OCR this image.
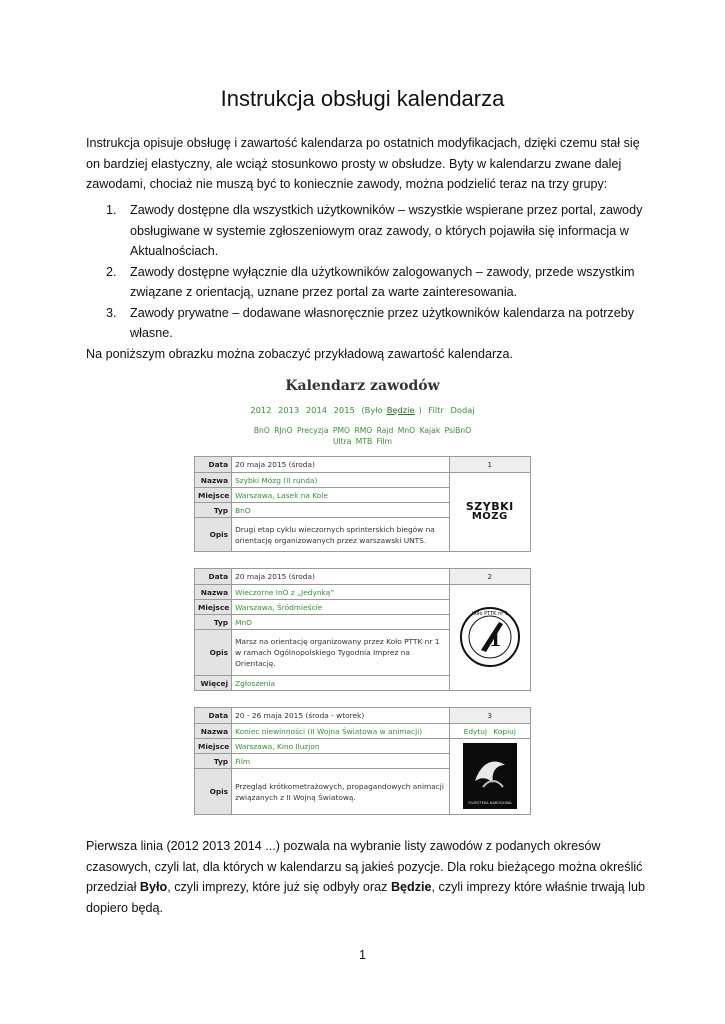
Instrukcja obsługi kalendarza

Instrukcja opisuje obsługę i zawartość kalendarza po ostatnich modyfikacjach, dzięki czemu stał się on bardziej elastyczny, ale wciąż stosunkowo prosty w obsłudze. Byty w kalendarzu zwane dalej zawodami, chociaż nie muszą być to koniecznie zawody, można podzielić teraz na trzy grupy:

1. Zawody dostępne dla wszystkich użytkowników – wszystkie wspierane przez portal, zawody obsługiwane w systemie zgłoszeniowym oraz zawody, o których pojawiła się informacja w Aktualnościach.
2. Zawody dostępne wyłącznie dla użytkowników zalogowanych – zawody, przede wszystkim związane z orientacją, uznane przez portal za warte zainteresowania.
3. Zawody prywatne – dodawane własnoręcznie przez użytkowników kalendarza na potrzeby własne.

Na poniższym obrazku można zobaczyć przykładową zawartość kalendarza.

Kalendarz zawodów
2012 2013 2014 2015 (Było Będzie ) Filtr Dodaj
BnO RJnO Precyzja PMO RMO Rajd MnO Kajak PsiBnO
Ultra MTB Film
Data	20 maja 2015 (środa)	1
Nazwa	Szybki Mózg (II runda)	SZYBKI
MÓZG

Miejsce	Warszawa, Lasek na Kole	
Typ	BnO	
Opis	Drugi etap cyklu wieczornych sprinterskich biegów na orientację organizowanych przez warszawski UNTS.	
Data	20 maja 2015 (środa)	2
Nazwa	Wieczorne InO z „Jedynką”	1
Koło PTTK nr 1

Miejsce	Warszawa, Śródmieście	
Typ	MnO	
Opis	Marsz na orientację organizowany przez Koło PTTK nr 1 w ramach Ogólnopolskiego Tygodnia Imprez na Orientację.	
Więcej	Zgłoszenia	
Data	20 - 26 maja 2015 (środa - wtorek)	3
Nazwa	Koniec niewinności (II Wojna Światowa w animacji)	Edytuj Kopiuj
Miejsce	Warszawa, Kino Iluzjon	FILMOTEKA NARODOWA

Typ	Film	
Opis	Przegląd krótkometrażowych, propagandowych animacji związanych z II Wojną Światową.	

Pierwsza linia (2012 2013 2014 ...) pozwala na wybranie listy zawodów z podanych okresów czasowych, czyli lat, dla których w kalendarzu są jakieś pozycje. Dla roku bieżącego można określić przedział Było, czyli imprezy, które już się odbyły oraz Będzie, czyli imprezy które właśnie trwają lub dopiero będą.

1
